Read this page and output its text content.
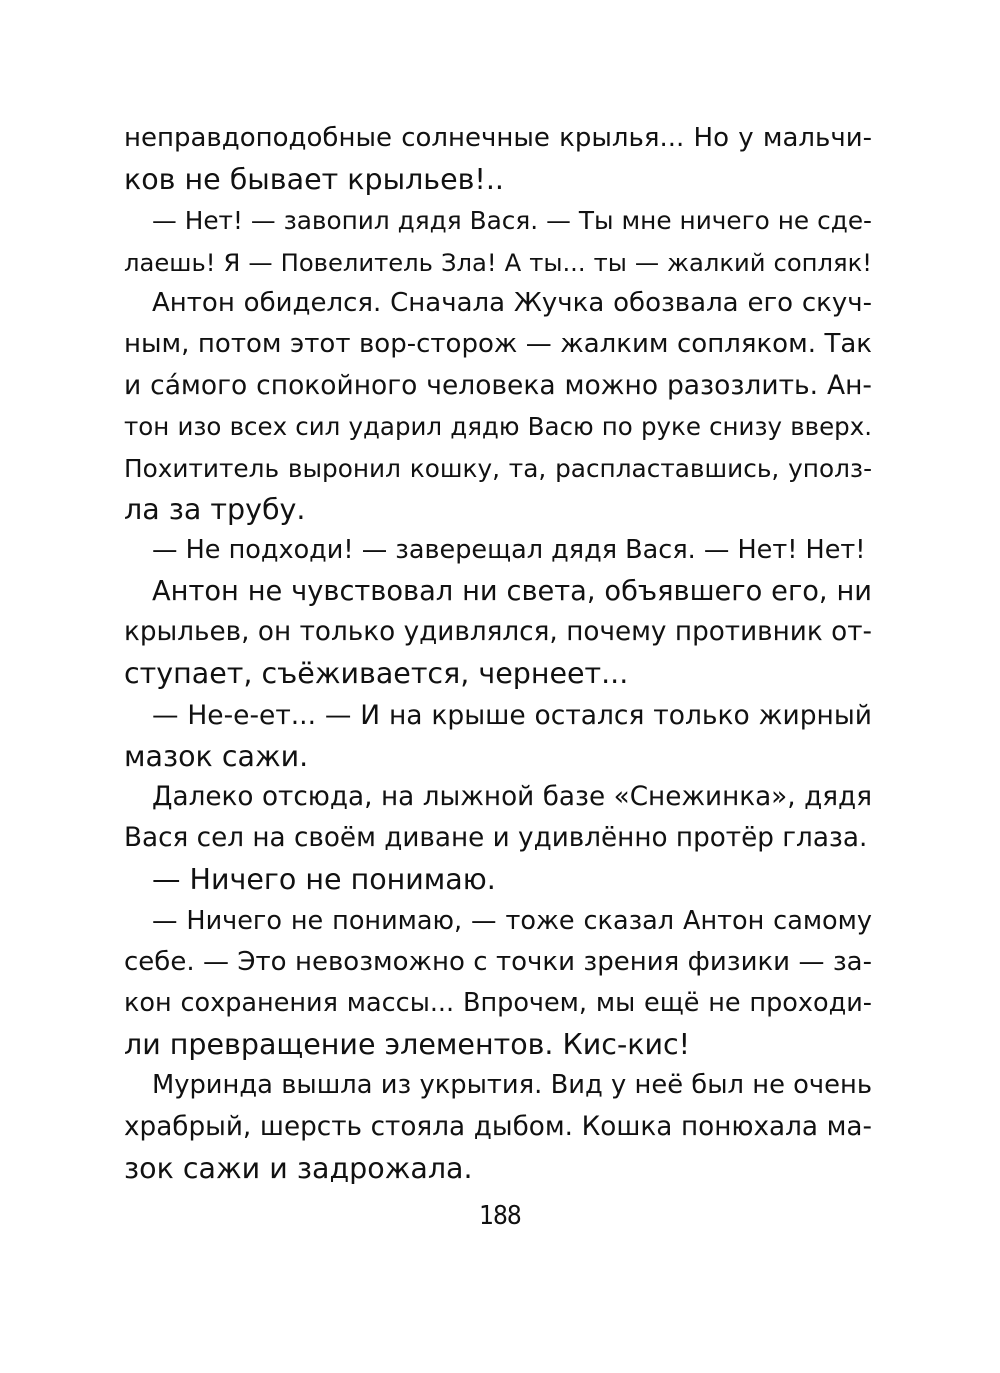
неправдоподобные солнечные крылья... Но у мальчи-
ков не бывает крыльев!..
— Нет! — завопил дядя Вася. — Ты мне ничего не сде-
лаешь! Я — Повелитель Зла! А ты... ты — жалкий сопляк!
Антон обиделся. Сначала Жучка обозвала его скуч-
ным, потом этот вор-сторож — жалким сопляком. Так
и сáмого спокойного человека можно разозлить. Ан-
тон изо всех сил ударил дядю Васю по руке снизу вверх.
Похититель выронил кошку, та, распластавшись, уполз-
ла за трубу.
— Не подходи! — заверещал дядя Вася. — Нет! Нет!
Антон не чувствовал ни света, объявшего его, ни
крыльев, он только удивлялся, почему противник от-
ступает, съёживается, чернеет...
— Не-е-ет... — И на крыше остался только жирный
мазок сажи.
Далеко отсюда, на лыжной базе «Снежинка», дядя
Вася сел на своём диване и удивлённо протёр глаза.
— Ничего не понимаю.
— Ничего не понимаю, — тоже сказал Антон самому
себе. — Это невозможно с точки зрения физики — за-
кон сохранения массы... Впрочем, мы ещё не проходи-
ли превращение элементов. Кис-кис!
Муринда вышла из укрытия. Вид у неё был не очень
храбрый, шерсть стояла дыбом. Кошка понюхала ма-
зок сажи и задрожала.
188
